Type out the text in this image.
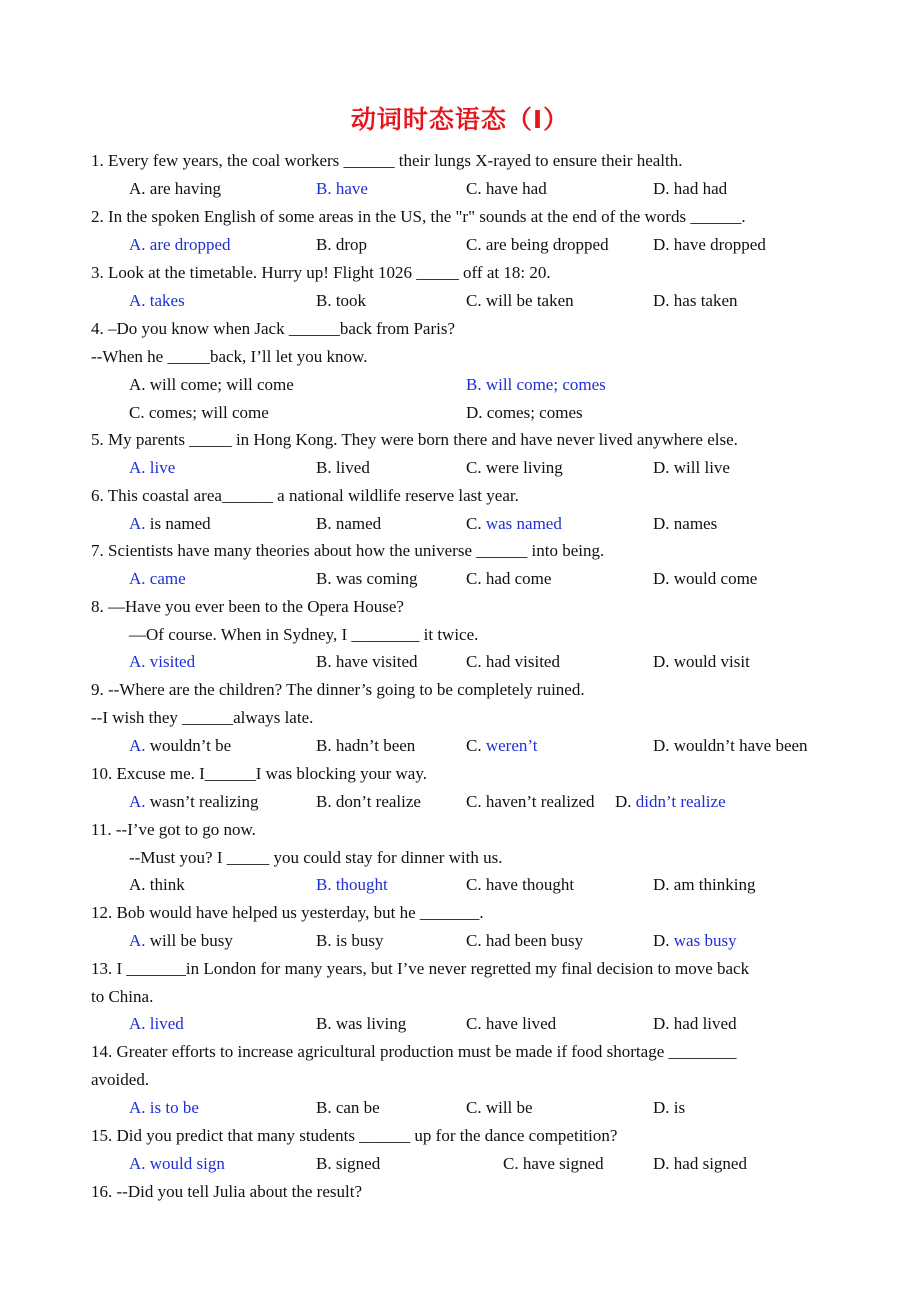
动词时态语态（I）
1. Every few years, the coal workers ______ their lungs X-rayed to ensure their health.
A. are having	B. have	C. have had	D. had had
2. In the spoken English of some areas in the US, the "r" sounds at the end of the words ______.
A. are dropped	B. drop	C. are being dropped	D. have dropped
3. Look at the timetable. Hurry up! Flight 1026 _____ off at 18: 20.
A. takes	B. took	C. will be taken	D. has taken
4. –Do you know when Jack ______back from Paris?
--When he _____back, I’ll let you know.
A. will come; will come	B. will come; comes
C. comes; will come	D. comes; comes
5. My parents _____ in Hong Kong. They were born there and have never lived anywhere else.
A. live	B. lived	C. were living	D. will live
6. This coastal area______ a national wildlife reserve last year.
A. is named	B. named	C. was named	D. names
7. Scientists have many theories about how the universe ______ into being.
A. came	B. was coming	C. had come	D. would come
8. —Have you ever been to the Opera House?
—Of course. When in Sydney, I ________ it twice.
A. visited	B. have visited	C. had visited	D. would visit
9. --Where are the children? The dinner’s going to be completely ruined.
--I wish they ______always late.
A. wouldn’t be	B. hadn’t been	C. weren’t	D. wouldn’t have been
10. Excuse me. I______I was blocking your way.
A. wasn’t realizing	B. don’t realize	C. haven’t realized D. didn’t realize
11. --I’ve got to go now.
--Must you? I _____ you could stay for dinner with us.
A. think	B. thought	C. have thought	D. am thinking
12. Bob would have helped us yesterday, but he _______.
A. will be busy	B. is busy	C. had been busy	D. was busy
13. I _______in London for many years, but I’ve never regretted my final decision to move back
to China.
A. lived	B. was living	C. have lived	D. had lived
14. Greater efforts to increase agricultural production must be made if food shortage ________
avoided.
A. is to be	B. can be	C. will be	D. is
15. Did you predict that many students ______ up for the dance competition?
A. would sign	B. signed	C. have signed	D. had signed
16. --Did you tell Julia about the result?
